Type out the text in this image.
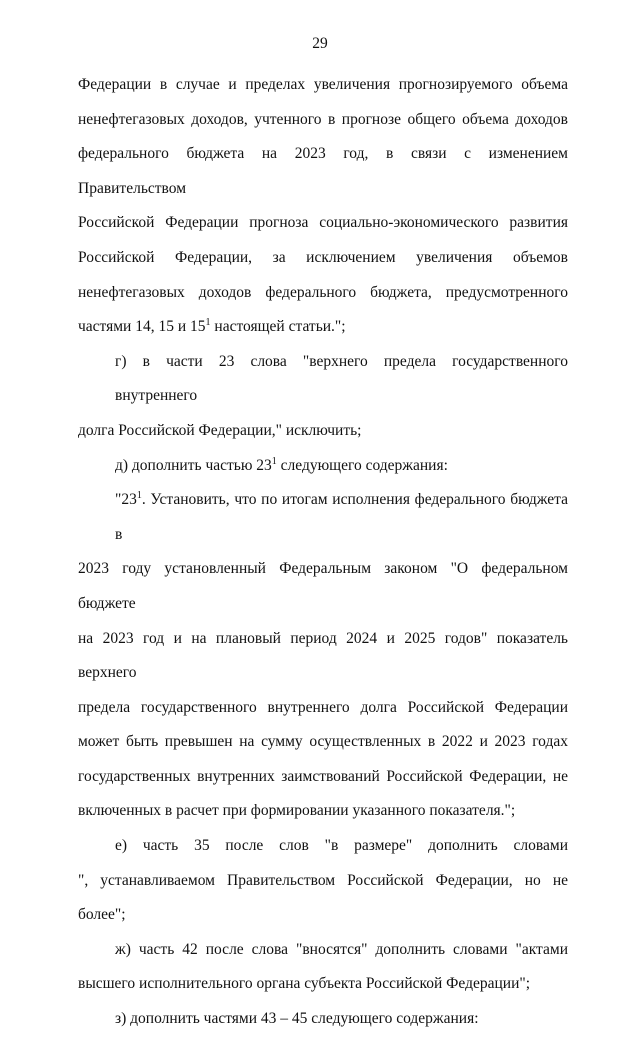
29
Федерации в случае и пределах увеличения прогнозируемого объема
ненефтегазовых доходов, учтенного в прогнозе общего объема доходов
федерального бюджета на 2023 год, в связи с изменением Правительством
Российской Федерации прогноза социально-экономического развития
Российской Федерации, за исключением увеличения объемов
ненефтегазовых доходов федерального бюджета, предусмотренного
частями 14, 15 и $15^1$ настоящей статьи.";
г) в части 23 слова "верхнего предела государственного внутреннего
долга Российской Федерации," исключить;
д) дополнить частью $23^1$ следующего содержания:
"$23^1$. Установить, что по итогам исполнения федерального бюджета в
2023 году установленный Федеральным законом "О федеральном бюджете
на 2023 год и на плановый период 2024 и 2025 годов" показатель верхнего
предела государственного внутреннего долга Российской Федерации
может быть превышен на сумму осуществленных в 2022 и 2023 годах
государственных внутренних заимствований Российской Федерации, не
включенных в расчет при формировании указанного показателя.";
е) часть 35 после слов "в размере" дополнить словами
", устанавливаемом Правительством Российской Федерации, но не более";
ж) часть 42 после слова "вносятся" дополнить словами "актами
высшего исполнительного органа субъекта Российской Федерации";
з) дополнить частями 43 – 45 следующего содержания:
